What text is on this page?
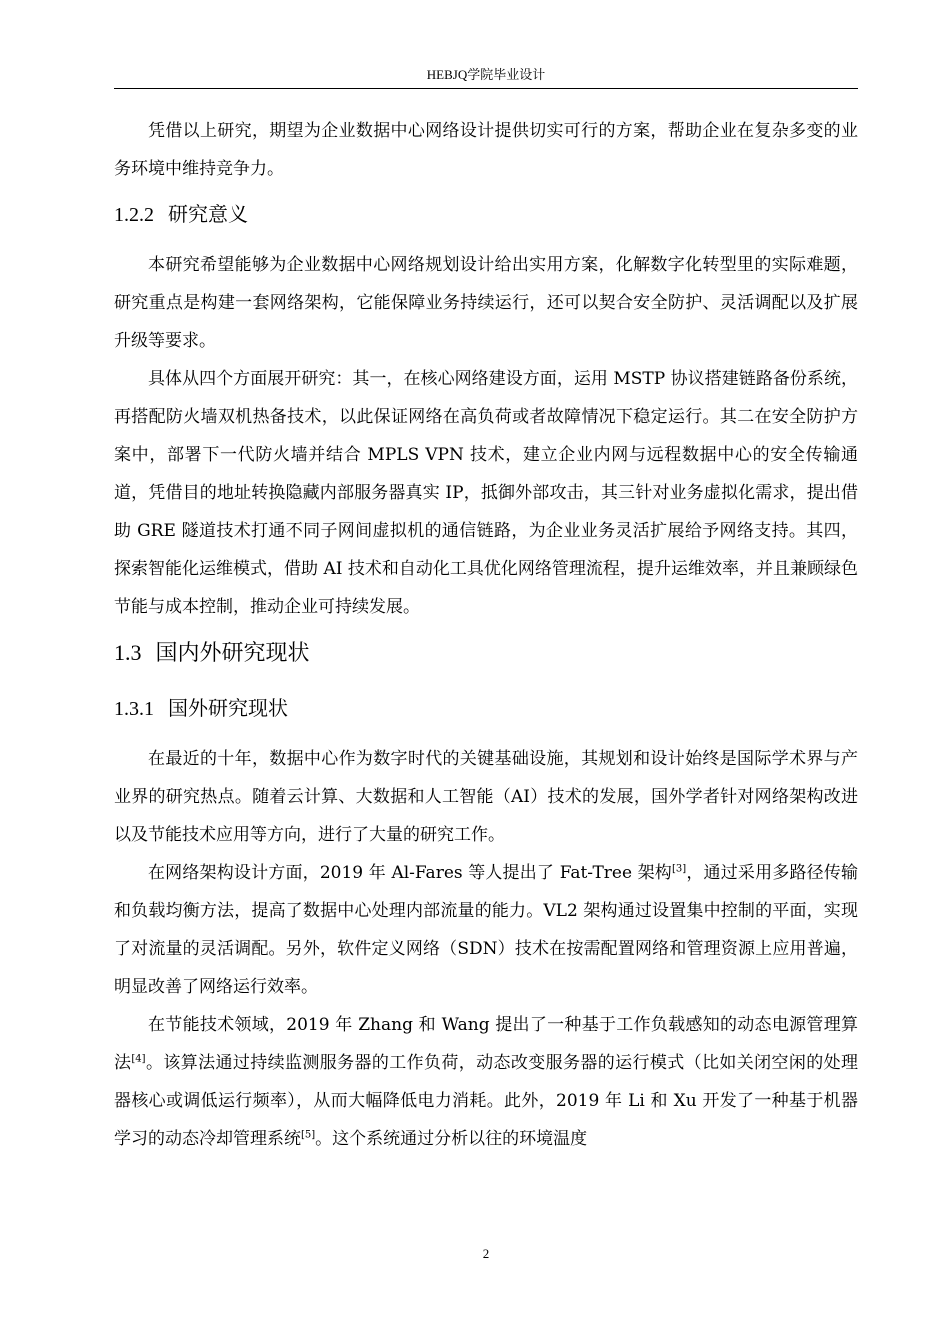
HEBJQ学院毕业设计

凭借以上研究，期望为企业数据中心网络设计提供切实可行的方案，帮助企业在复杂多变的业务环境中维持竞争力。

1.2.2 研究意义

本研究希望能够为企业数据中心网络规划设计给出实用方案，化解数字化转型里的实际难题，研究重点是构建一套网络架构，它能保障业务持续运行，还可以契合安全防护、灵活调配以及扩展升级等要求。

具体从四个方面展开研究：其一，在核心网络建设方面，运用 MSTP 协议搭建链路备份系统，再搭配防火墙双机热备技术，以此保证网络在高负荷或者故障情况下稳定运行。其二在安全防护方案中，部署下一代防火墙并结合 MPLS VPN 技术，建立企业内网与远程数据中心的安全传输通道，凭借目的地址转换隐藏内部服务器真实 IP，抵御外部攻击，其三针对业务虚拟化需求，提出借助 GRE 隧道技术打通不同子网间虚拟机的通信链路，为企业业务灵活扩展给予网络支持。其四，探索智能化运维模式，借助 AI 技术和自动化工具优化网络管理流程，提升运维效率，并且兼顾绿色节能与成本控制，推动企业可持续发展。

1.3 国内外研究现状
1.3.1 国外研究现状

在最近的十年，数据中心作为数字时代的关键基础设施，其规划和设计始终是国际学术界与产业界的研究热点。随着云计算、大数据和人工智能（AI）技术的发展，国外学者针对网络架构改进以及节能技术应用等方向，进行了大量的研究工作。

在网络架构设计方面，2019 年 Al-Fares 等人提出了 Fat-Tree 架构[3]，通过采用多路径传输和负载均衡方法，提高了数据中心处理内部流量的能力。VL2 架构通过设置集中控制的平面，实现了对流量的灵活调配。另外，软件定义网络（SDN）技术在按需配置网络和管理资源上应用普遍，明显改善了网络运行效率。

在节能技术领域，2019 年 Zhang 和 Wang 提出了一种基于工作负载感知的动态电源管理算法[4]。该算法通过持续监测服务器的工作负荷，动态改变服务器的运行模式（比如关闭空闲的处理器核心或调低运行频率），从而大幅降低电力消耗。此外，2019 年 Li 和 Xu 开发了一种基于机器学习的动态冷却管理系统[5]。这个系统通过分析以往的环境温度

2
